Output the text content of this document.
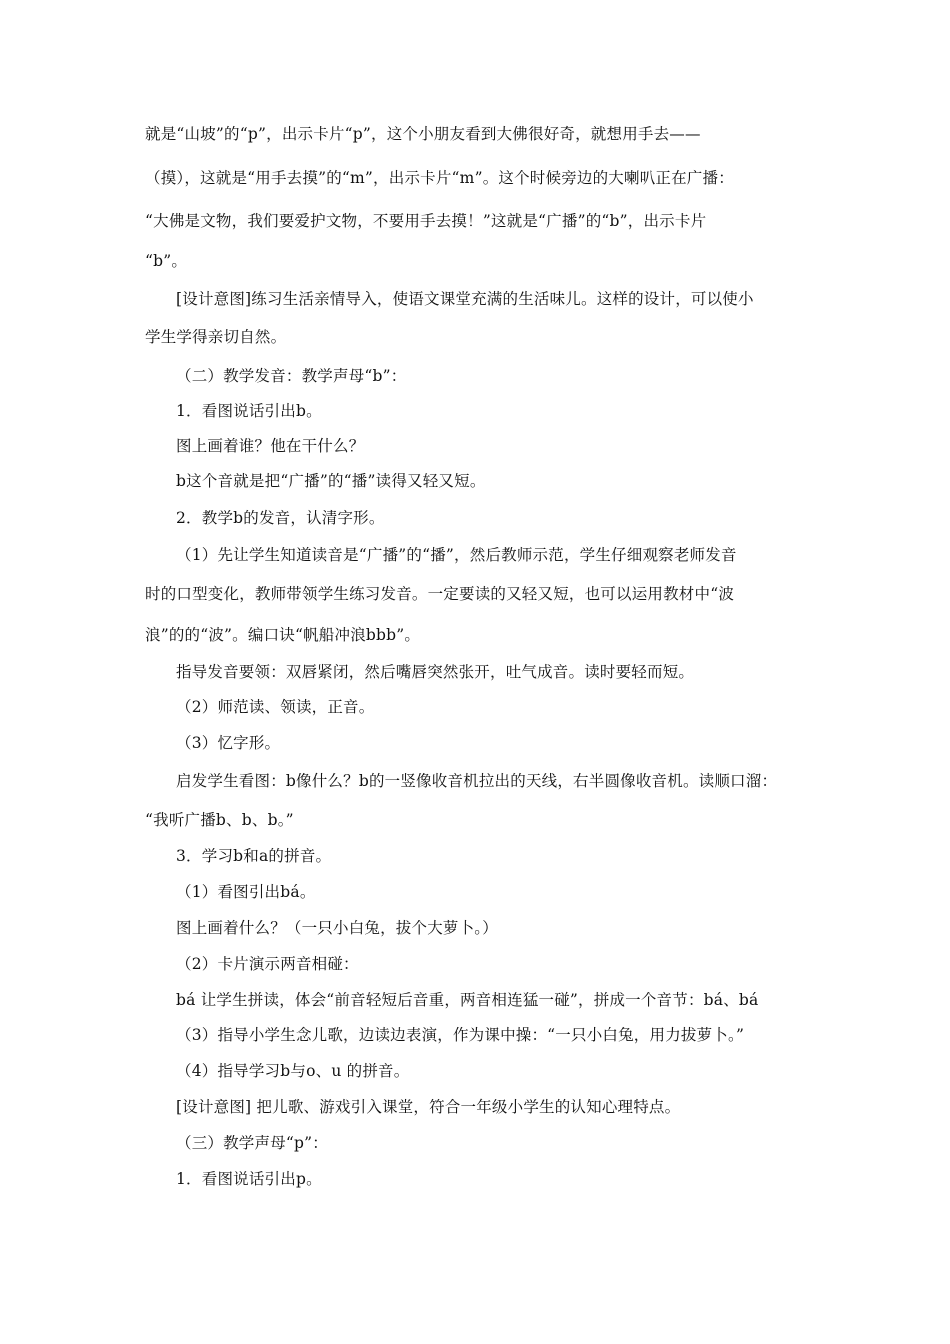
就是“山坡”的“p”，出示卡片“p”，这个小朋友看到大佛很好奇，就想用手去——
（摸），这就是“用手去摸”的“m”，出示卡片“m”。这个时候旁边的大喇叭正在广播：
“大佛是文物，我们要爱护文物，不要用手去摸！”这就是“广播”的“b”，出示卡片
“b”。
[设计意图]练习生活亲情导入，使语文课堂充满的生活味儿。这样的设计，可以使小
学生学得亲切自然。
（二）教学发音：教学声母“b”：
1．看图说话引出b。
图上画着谁？他在干什么？
b这个音就是把“广播”的“播”读得又轻又短。
2．教学b的发音，认清字形。
（1）先让学生知道读音是“广播”的“播”，然后教师示范，学生仔细观察老师发音
时的口型变化，教师带领学生练习发音。一定要读的又轻又短，也可以运用教材中“波
浪”的的“波”。编口诀“帆船冲浪bbb”。
指导发音要领：双唇紧闭，然后嘴唇突然张开，吐气成音。读时要轻而短。
（2）师范读、领读，正音。
（3）忆字形。
启发学生看图：b像什么？b的一竖像收音机拉出的天线，右半圆像收音机。读顺口溜：
“我听广播b、b、b。”
3．学习b和a的拼音。
（1）看图引出bá。
图上画着什么？（一只小白兔，拔个大萝卜。）
（2）卡片演示两音相碰：
bá 让学生拼读，体会“前音轻短后音重，两音相连猛一碰”，拼成一个音节：bá、bá
（3）指导小学生念儿歌，边读边表演，作为课中操：“一只小白兔，用力拔萝卜。”
（4）指导学习b与o、u 的拼音。
[设计意图] 把儿歌、游戏引入课堂，符合一年级小学生的认知心理特点。
（三）教学声母“p”：
1．看图说话引出p。
